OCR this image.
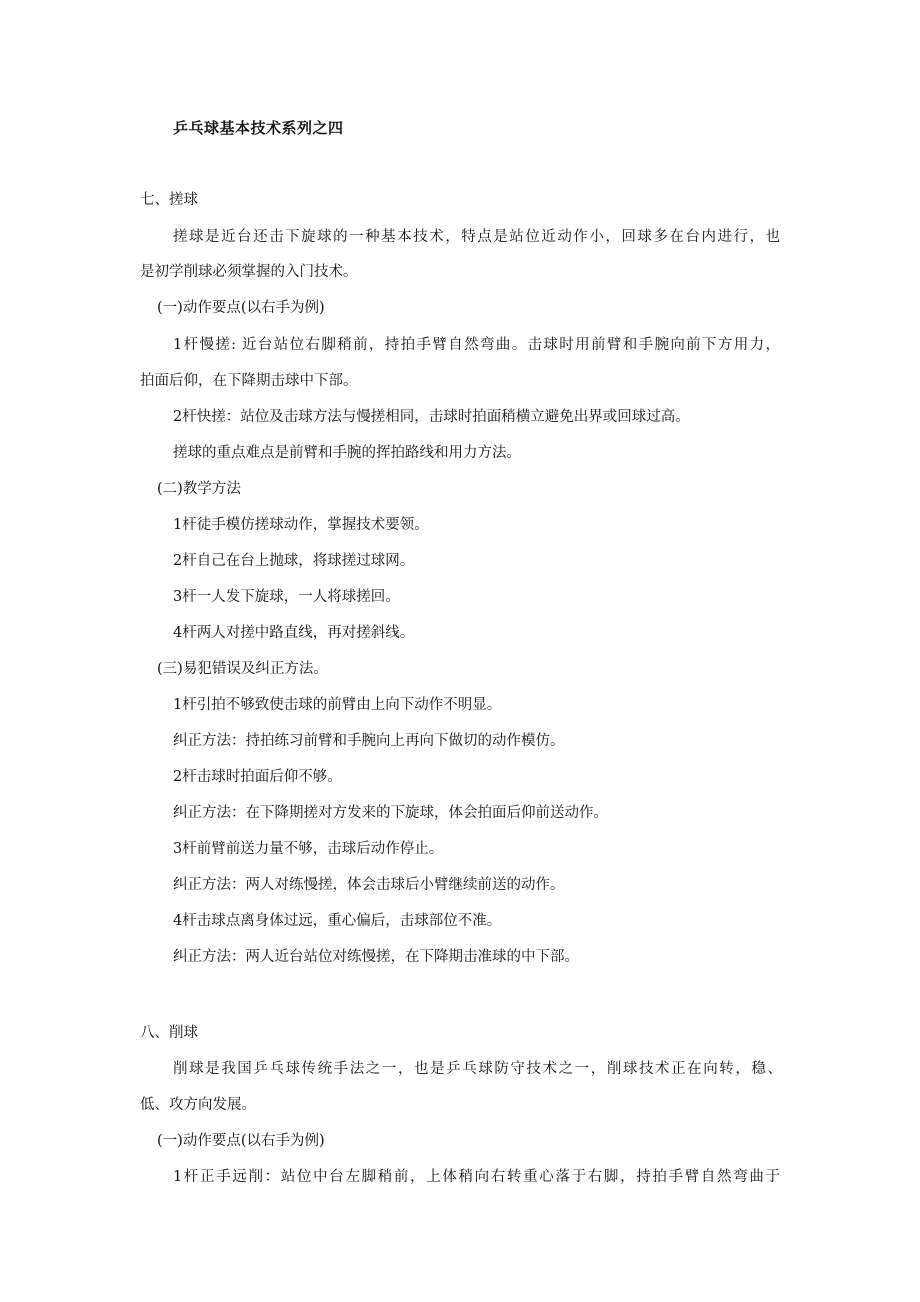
乒乓球基本技术系列之四
七、搓球
搓球是近台还击下旋球的一种基本技术，特点是站位近动作小，回球多在台内进行，也
是初学削球必须掌握的入门技术。
(一)动作要点(以右手为例)
1杆慢搓: 近台站位右脚稍前，持拍手臂自然弯曲。击球时用前臂和手腕向前下方用力，
拍面后仰，在下降期击球中下部。
2杆快搓：站位及击球方法与慢搓相同，击球时拍面稍横立避免出界或回球过高。
搓球的重点难点是前臂和手腕的挥拍路线和用力方法。
(二)教学方法
1杆徒手模仿搓球动作，掌握技术要领。
2杆自己在台上抛球，将球搓过球网。
3杆一人发下旋球，一人将球搓回。
4杆两人对搓中路直线，再对搓斜线。
(三)易犯错误及纠正方法。
1杆引拍不够致使击球的前臂由上向下动作不明显。
纠正方法：持拍练习前臂和手腕向上再向下做切的动作模仿。
2杆击球时拍面后仰不够。
纠正方法：在下降期搓对方发来的下旋球，体会拍面后仰前送动作。
3杆前臂前送力量不够，击球后动作停止。
纠正方法：两人对练慢搓，体会击球后小臂继续前送的动作。
4杆击球点离身体过远，重心偏后，击球部位不准。
纠正方法：两人近台站位对练慢搓，在下降期击准球的中下部。
八、削球
削球是我国乒乓球传统手法之一，也是乒乓球防守技术之一，削球技术正在向转，稳、
低、攻方向发展。
(一)动作要点(以右手为例)
1杆正手远削：站位中台左脚稍前，上体稍向右转重心落于右脚，持拍手臂自然弯曲于
